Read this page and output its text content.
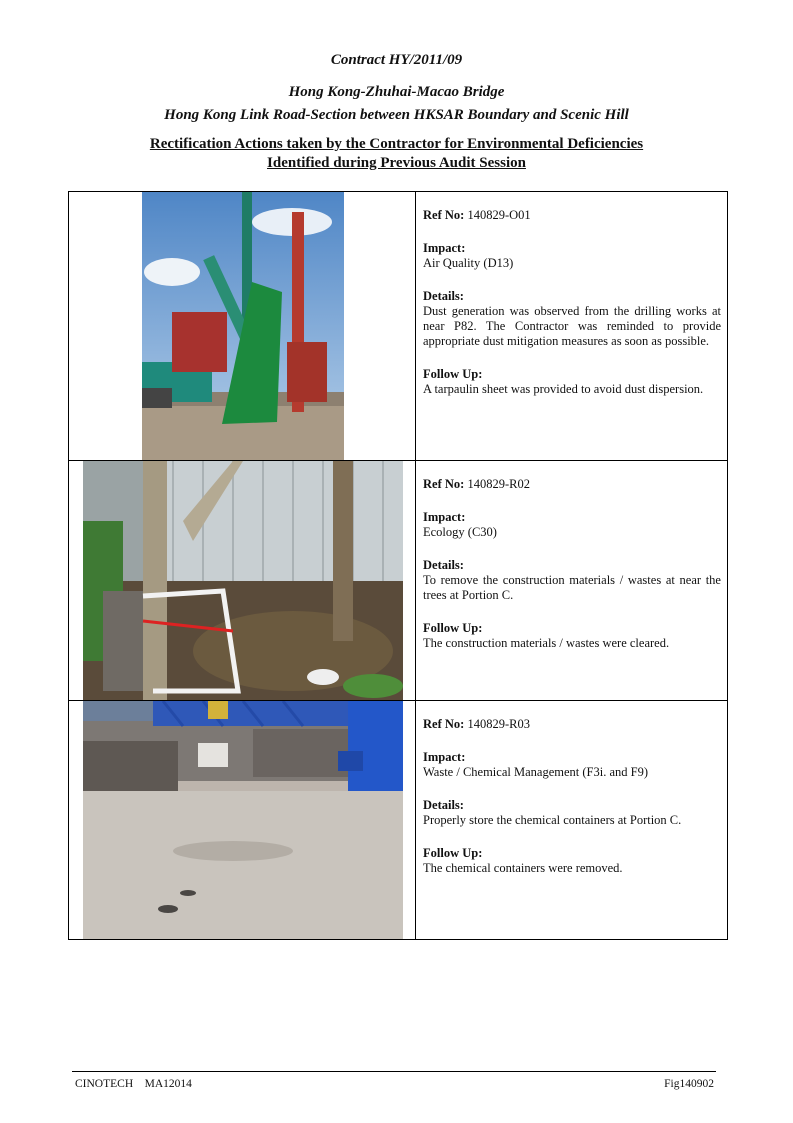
Contract HY/2011/09
Hong Kong-Zhuhai-Macao Bridge
Hong Kong Link Road-Section between HKSAR Boundary and Scenic Hill
Rectification Actions taken by the Contractor for Environmental Deficiencies
Identified during Previous Audit Session

Ref No: 140829-O01

Impact:
Air Quality (D13)

Details:
Dust generation was observed from the drilling works at near P82. The Contractor was reminded to provide appropriate dust mitigation measures as soon as possible.

Follow Up:
A tarpaulin sheet was provided to avoid dust dispersion.

Ref No: 140829-R02

Impact:
Ecology (C30)

Details:
To remove the construction materials / wastes at near the trees at Portion C.

Follow Up:
The construction materials / wastes were cleared.

Ref No: 140829-R03

Impact:
Waste / Chemical Management (F3i. and F9)

Details:
Properly store the chemical containers at Portion C.

Follow Up:
The chemical containers were removed.

CINOTECH    MA12014	Fig140902
